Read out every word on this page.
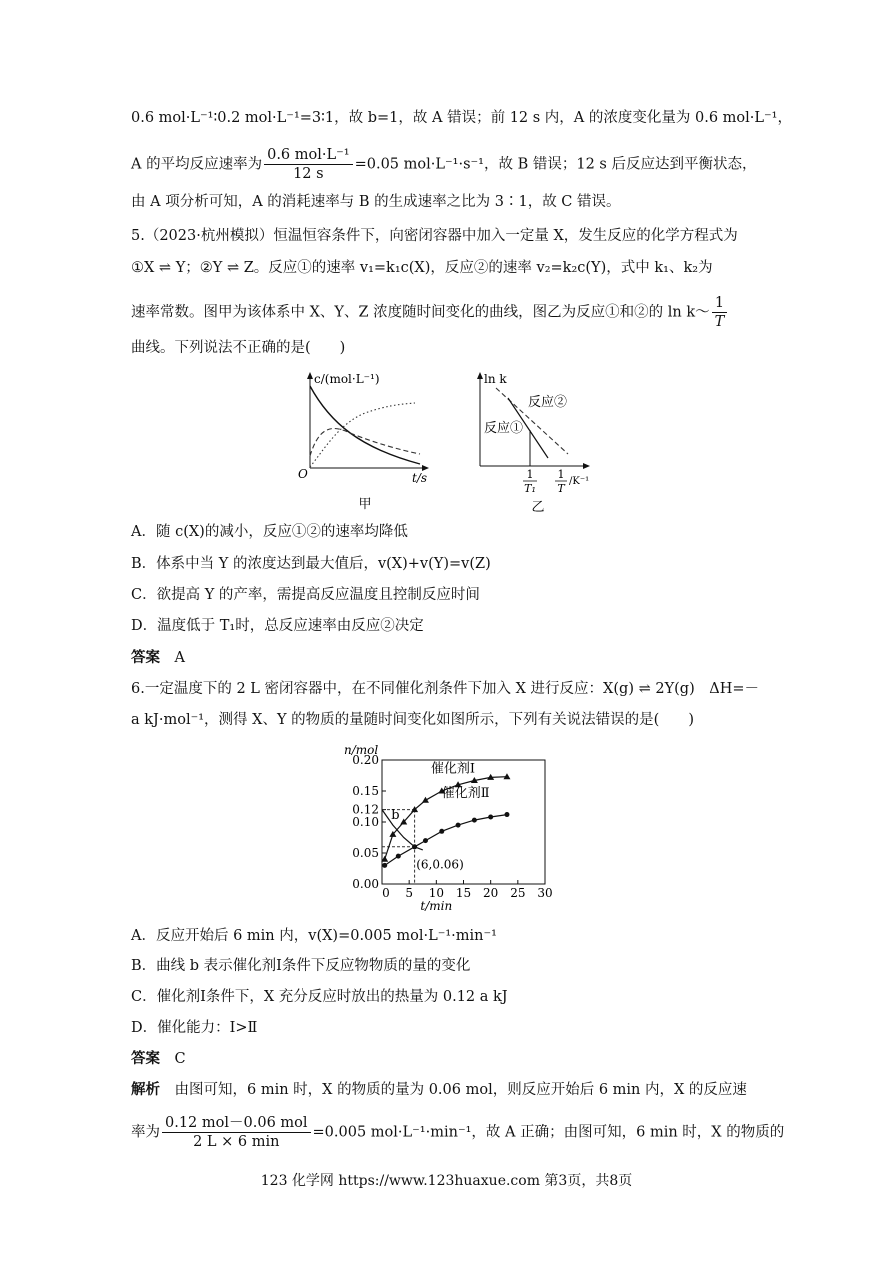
0.6 mol·L⁻¹∶0.2 mol·L⁻¹=3∶1，故 b=1，故 A 错误；前 12 s 内，A 的浓度变化量为 0.6 mol·L⁻¹，
A 的平均反应速率为 $\frac{\text{0.6 mol·L⁻¹}}{12 s} =0.05$ mol·L⁻¹·s⁻¹，故 B 错误；12 s 后反应达到平衡状态，
由 A 项分析可知，A 的消耗速率与 B 的生成速率之比为 3∶1，故 C 错误。
5.（2023·杭州模拟）恒温恒容条件下，向密闭容器中加入一定量 X，发生反应的化学方程式为
①X ⇌ Y；②Y ⇌ Z。反应①的速率 v₁=k₁c(X)，反应②的速率 v₂=k₂c(Y)，式中 k₁、k₂为
速率常数。图甲为该体系中 X、Y、Z 浓度随时间变化的曲线，图乙为反应①和②的 ln k～ $\frac{1}{T}$
曲线。下列说法不正确的是(　　)
c/(mol·L⁻¹)
O	t/s
甲
ln k
反应②
反应①
1
T₁
1
T
/K⁻¹
乙
A．随 c(X)的减小，反应①②的速率均降低
B．体系中当 Y 的浓度达到最大值后，v(X)+v(Y)=v(Z)
C．欲提高 Y 的产率，需提高反应温度且控制反应时间
D．温度低于 T₁时，总反应速率由反应②决定
答案　 A
6.一定温度下的 2 L 密闭容器中，在不同催化剂条件下加入 X 进行反应：X(g) ⇌ 2Y(g)　ΔH=－
a kJ·mol⁻¹，测得 X、Y 的物质的量随时间变化如图所示，下列有关说法错误的是(　　)
0.00
0.05
0.10
0.12
0.15
0.20
0 5 10 15 20 25 30
n/mol
t/min
催化剂Ⅰ
催化剂Ⅱ
b
(6,0.06)
A．反应开始后 6 min 内，v(X)=0.005 mol·L⁻¹·min⁻¹
B．曲线 b 表示催化剂Ⅰ条件下反应物物质的量的变化
C．催化剂Ⅰ条件下，X 充分反应时放出的热量为 0.12 a kJ
D．催化能力：Ⅰ>Ⅱ
答案　 C
解析　 由图可知，6 min 时，X 的物质的量为 0.06 mol，则反应开始后 6 min 内，X 的反应速
率为 $\frac{\text{0.12 mol－0.06 mol}}{2 L \times 6 \min} =0.005$ mol·L⁻¹·min⁻¹，故 A 正确；由图可知，6 min 时，X 的物质的
123 化学网 https://www.123huaxue.com 第3页，共8页
